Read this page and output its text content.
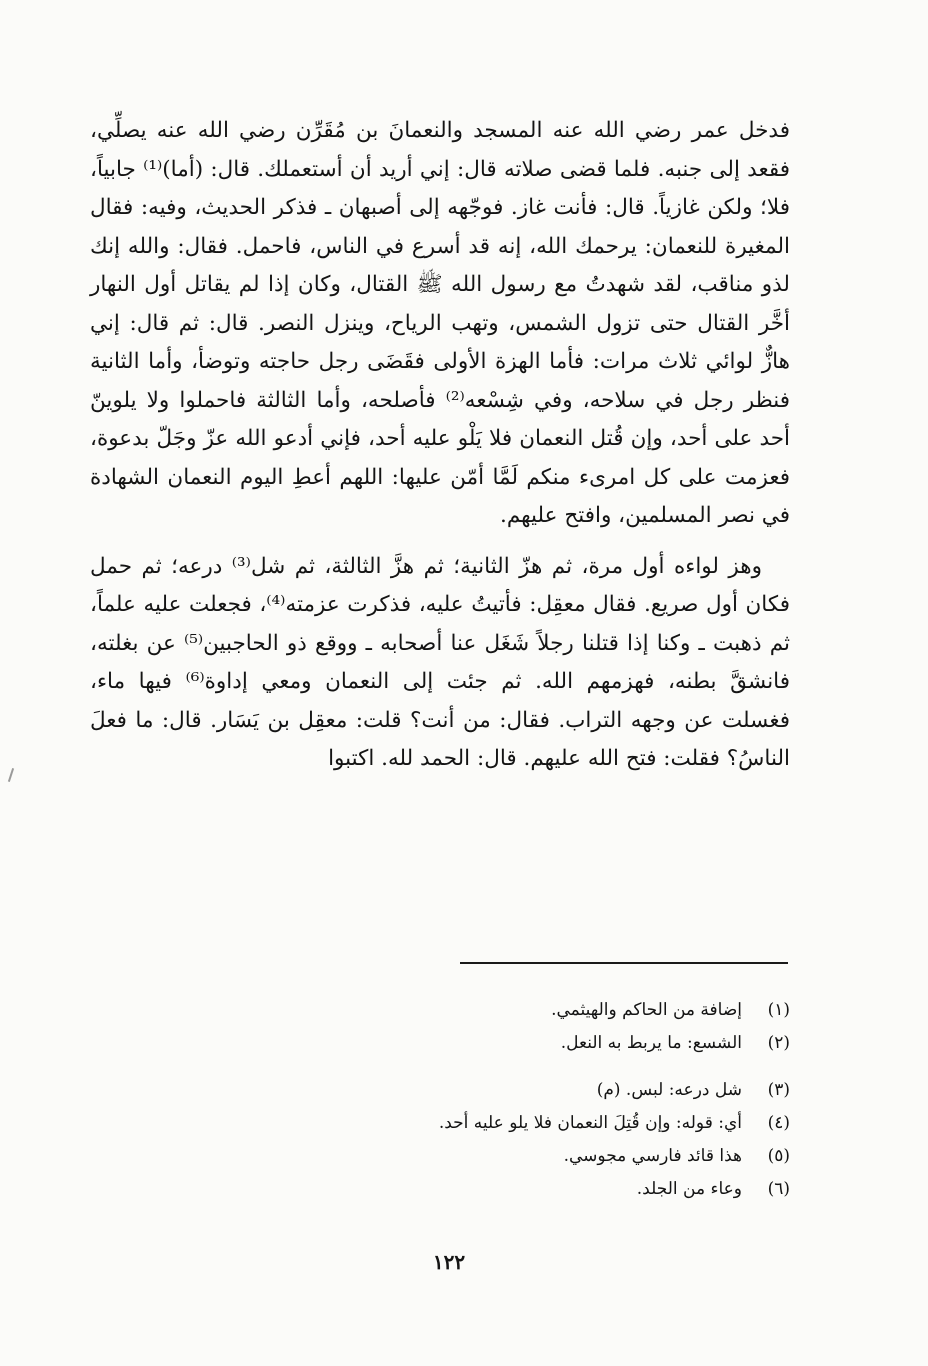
فدخل عمر رضي الله عنه المسجد والنعمانَ بن مُقَرِّن رضي الله عنه يصلِّي، فقعد إلى جنبه. فلما قضى صلاته قال: إني أريد أن أستعملك. قال: (أما)⁽¹⁾ جابياً، فلا؛ ولكن غازياً. قال: فأنت غاز. فوجّهه إلى أصبهان ـ فذكر الحديث، وفيه: فقال المغيرة للنعمان: يرحمك الله، إنه قد أسرع في الناس، فاحمل. فقال: والله إنك لذو مناقب، لقد شهدتُ مع رسول الله ﷺ القتال، وكان إذا لم يقاتل أول النهار أخَّر القتال حتى تزول الشمس، وتهب الرياح، وينزل النصر. قال: ثم قال: إني هازٌّ لوائي ثلاث مرات: فأما الهزة الأولى فقَضَى رجل حاجته وتوضأ، وأما الثانية فنظر رجل في سلاحه، وفي شِسْعه⁽²⁾ فأصلحه، وأما الثالثة فاحملوا ولا يلوينّ أحد على أحد، وإن قُتل النعمان فلا يَلْو عليه أحد، فإني أدعو الله عزّ وجَلّ بدعوة، فعزمت على كل امرىء منكم لَمَّا أمّن عليها: اللهم أعطِ اليوم النعمان الشهادة في نصر المسلمين، وافتح عليهم.

وهز لواءه أول مرة، ثم هزّ الثانية؛ ثم هزَّ الثالثة، ثم شل⁽³⁾ درعه؛ ثم حمل فكان أول صريع. فقال معقِل: فأتيتُ عليه، فذكرت عزمته⁽⁴⁾، فجعلت عليه علماً، ثم ذهبت ـ وكنا إذا قتلنا رجلاً شَغَل عنا أصحابه ـ ووقع ذو الحاجبين⁽⁵⁾ عن بغلته، فانشقَّ بطنه، فهزمهم الله. ثم جئت إلى النعمان ومعي إداوة⁽⁶⁾ فيها ماء، فغسلت عن وجهه التراب. فقال: من أنت؟ قلت: معقِل بن يَسَار. قال: ما فعلَ الناسُ؟ فقلت: فتح الله عليهم. قال: الحمد لله. اكتبوا

(١)
إضافة من الحاكم والهيثمي.
(٢)
الشسع: ما يربط به النعل.
(٣)
شل درعه: لبس. (م)
(٤)
أي: قوله: وإن قُتِلَ النعمان فلا يلو عليه أحد.
(٥)
هذا قائد فارسي مجوسي.
(٦)
وعاء من الجلد.
١٢٢
